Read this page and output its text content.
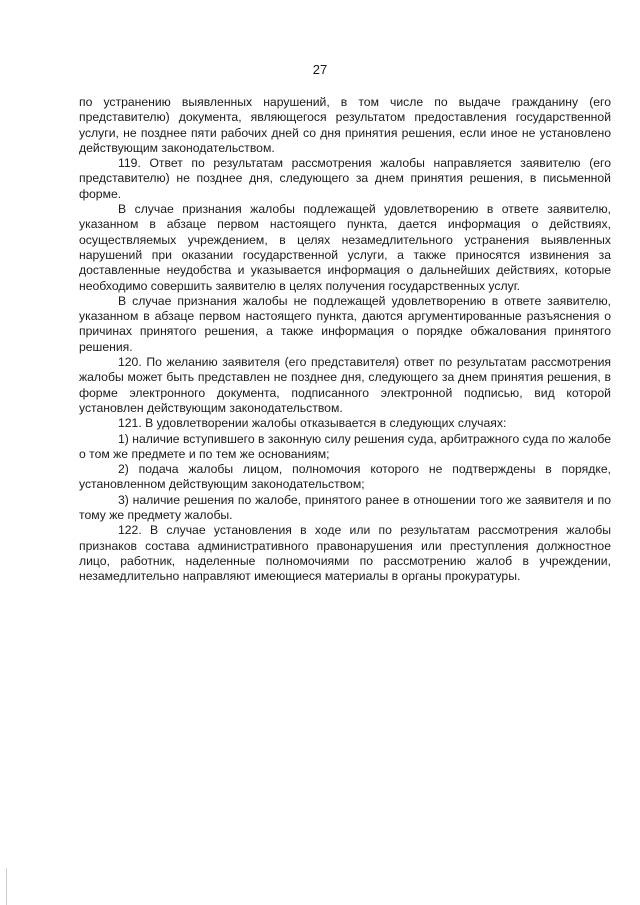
27

по устранению выявленных нарушений, в том числе по выдаче гражданину (его представителю) документа, являющегося результатом предоставления государственной услуги, не позднее пяти рабочих дней со дня принятия решения, если иное не установлено действующим законодательством.

119. Ответ по результатам рассмотрения жалобы направляется заявителю (его представителю) не позднее дня, следующего за днем принятия решения, в письменной форме.

В случае признания жалобы подлежащей удовлетворению в ответе заявителю, указанном в абзаце первом настоящего пункта, дается информация о действиях, осуществляемых учреждением, в целях незамедлительного устранения выявленных нарушений при оказании государственной услуги, а также приносятся извинения за доставленные неудобства и указывается информация о дальнейших действиях, которые необходимо совершить заявителю в целях получения государственных услуг.

В случае признания жалобы не подлежащей удовлетворению в ответе заявителю, указанном в абзаце первом настоящего пункта, даются аргументированные разъяснения о причинах принятого решения, а также информация о порядке обжалования принятого решения.

120. По желанию заявителя (его представителя) ответ по результатам рассмотрения жалобы может быть представлен не позднее дня, следующего за днем принятия решения, в форме электронного документа, подписанного электронной подписью, вид которой установлен действующим законодательством.

121. В удовлетворении жалобы отказывается в следующих случаях:

1) наличие вступившего в законную силу решения суда, арбитражного суда по жалобе о том же предмете и по тем же основаниям;

2) подача жалобы лицом, полномочия которого не подтверждены в порядке, установленном действующим законодательством;

3) наличие решения по жалобе, принятого ранее в отношении того же заявителя и по тому же предмету жалобы.

122. В случае установления в ходе или по результатам рассмотрения жалобы признаков состава административного правонарушения или преступления должностное лицо, работник, наделенные полномочиями по рассмотрению жалоб в учреждении, незамедлительно направляют имеющиеся материалы в органы прокуратуры.
